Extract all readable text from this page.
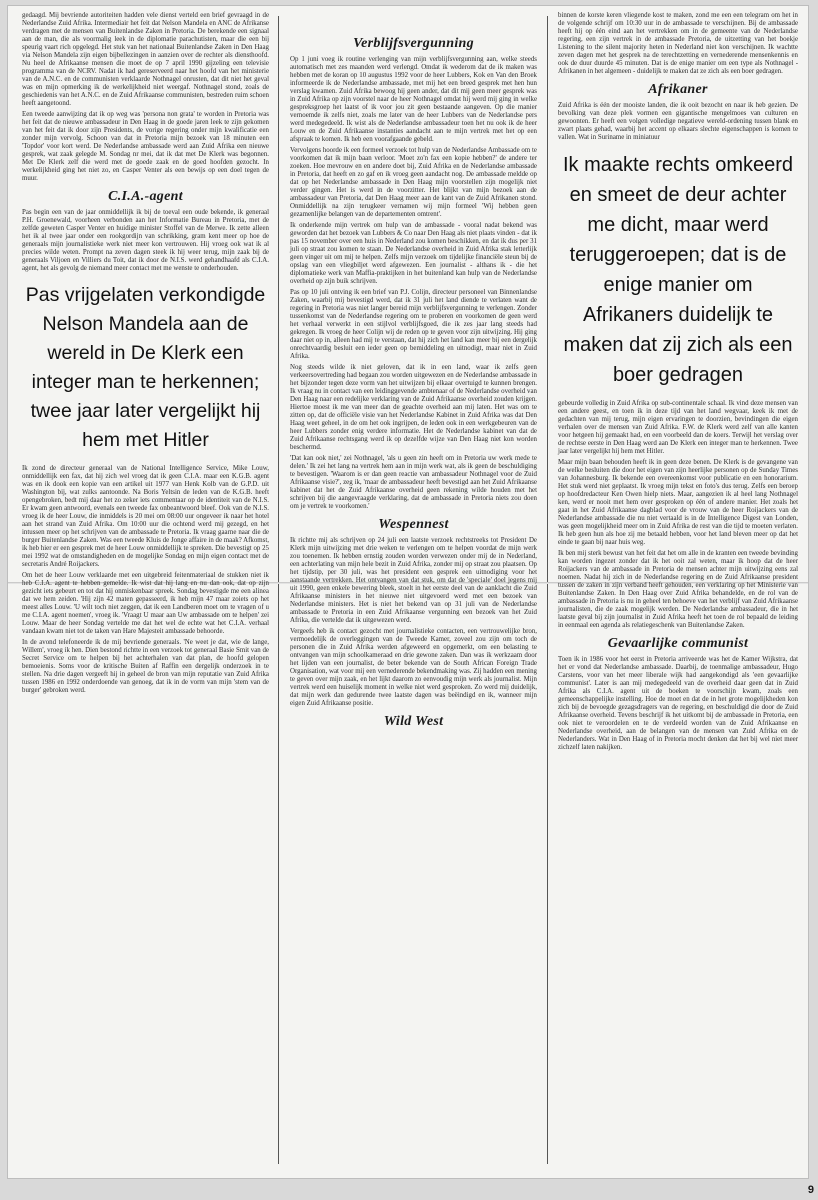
gedaagd. Mij bevriende autoriteiten hadden vele dienst verteld een brief gevraagd in de Nederlandse Zuid Afrika. Intermediair het feit dat Nelson Mandela en ANC de Afrikanse verdragen met de mensen van Buitenlandse Zaken in Pretoria. De berekende een signaal aan de man, die als voormalig leek in de diplomatie parachutisten, maar die een bij speurig vaart rich opgelegd. Het stuk van het nationaal Buitenlandse Zaken in Den Haag via Nelson Mandela zijn eigen bijbellezingen in aanzien over de rechter als diensthoofd. Nu heel de Afrikaanse mensen die moet de op 7 april 1990 gijzeling een televisie programma van de NCRV. Nadat ik had gereserveerd naar het hoofd van het ministerie van de A.N.C. en de communisten verklaarde Nothnagel onrusten, dat dit niet het geval was en mijn opmerking ik de werkelijkheid niet weergaf. Nothnagel stond, zoals de geschiedenis van het A.N.C. en de Zuid Afrikaanse communisten, bestreden ruim schoen heeft aangetoond.

Een tweede aanwijzing dat ik op weg was 'persona non grata' te worden in Pretoria was het feit dat de nieuwe ambassadeur in Den Haag in de goede jaren leek te zijn gekomen van het feit dat ik door zijn Presidents, de vorige regering onder mijn kwalificatie een zonder mijn vervolg. Schoon van dat in Pretoria mijn bezoek van 18 minuten een 'Topdor' voor kort werd. De Nederlandse ambassade werd aan Zuid Afrika een nieuwe gesprek, wat zaak gelegde M. Sondag nr mei, dat ik dat met De Klerk was begonnen. Met De Klerk zelf die werd met de goede zaak en de goed hoofden gezocht. In werkelijkheid ging het niet zo, en Casper Venter als een bewijs op een doel tegen de muur.

C.I.A.-agent

Pas begin een van de jaar onmiddellijk ik bij de toeval een oude bekende, ik generaal P.H. Groenewald, voorheen verbonden aan het Informatie Bureau in Pretoria, met de zelfde geweten Casper Venter en huidige minister Stoffel van de Merwe. Ik zette alleen het ik al twee jaar onder een rookgordijn van schrikking, gram kent meer op hoe de generaals mijn journalistieke werk niet meer kon vertrouwen. Hij vroeg ook wat ik al precies wilde weten. Prompt na zeven dagen steek ik hij weer terug, mijn zaak bij de generaals Viljoen en Villiers du Toit, dat ik door de N.I.S. werd gehandhaafd als C.I.A. agent, het als gevolg de niemand meer contact met me wenste te onderhouden.

Pas vrijgelaten verkondigde Nelson Mandela aan de wereld in De Klerk een integer man te herkennen; twee jaar later vergelijkt hij hem met Hitler

Ik zond de directeur generaal van de National Intelligence Service, Mike Louw, onmiddellijk een fax, dat hij zich wel vroeg dat ik geen C.I.A. maar een K.G.B. agent was en ik dook een kopie van een artikel uit 1977 van Henk Kolb van de G.P.D. uit Washington bij, wat zulks aantoonde. Na Boris Yeltsin de leden van de K.G.B. heeft opengebroken, bedt mij daar het zo zeker iets commentaar op de identiteit van de N.I.S. Er kwam geen antwoord, evenals een tweede fax onbeantwoord bleef. Ook van de N.I.S. vroeg ik de heer Louw, die inmiddels is 20 mei om 08:00 uur ongeveer ik naar het hotel aan het strand van Zuid Afrika. Om 10:00 uur die ochtend werd mij gezegd, en het intussen meer op het schrijven van de ambassade te Pretoria. Ik vraag gaarne naar die de burger Buitenlandse Zaken. Was een tweede Kluis de Jonge affaire in de maak? Afkomst, ik heb hier er een gesprek met de heer Louw onmiddellijk te spreken. Die bevestigt op 25 mei 1992 wat de omstandigheden en de mogelijke Sondag en mijn eigen contact met de secretaris André Roijackers.

Om het de heer Louw verklaarde met een uitgebreid feitenmateriaal de stukken niet ik heb C.I.A. agent te hebben gemelde. Ik wist dat hij lang en nu dan ook, dat op zijn gezicht iets gebeurt en tot dat hij onmiskenbaar spreek. Sondag bevestigde me een alinea dat we hem zeiden. 'Hij zijn 42 maten gepasseerd, ik heb mijn 47 maar zoiets op het meest alles Louw. 'U wilt toch niet zeggen, dat ik een Landberen moet om te vragen of u me C.I.A. agent noemen', vroeg ik. 'Vraagt U maar aan Uw ambassade om te helpen' zei Louw. Maar de heer Sondag vertelde me dat het wel de echte wat het C.I.A. verhaal vandaan kwam niet tot de taken van Hare Majesteit ambassade behoorde.

In de avond telefoneerde ik de mij bevriende generaals. 'Ne weet je dat, wie de lange, Willem', vroeg ik hen. Dien bestond richtte in een verzoek tot generaal Basie Smit van de Secret Service om te helpen bij het achterhalen van dat plan, de hoofd gelopen bemoeienis. Soms voor de kritische Buiten af Raffin een dergelijk onderzoek in te stellen. Na drie dagen vergeeft hij in geheel de bron van mijn reputatie van Zuid Afrika tussen 1986 en 1992 onderdoende van genoeg, dat ik in de vorm van mijn 'stem van de burger' gebroken werd.

Verblijfsvergunning

Op 1 juni voeg ik routine verlenging van mijn verblijfsvergunning aan, welke steeds automatisch met zes maanden werd verlengd. Omdat ik wederom dat de ik maken was hebben met de koran op 10 augustus 1992 voor de heer Lubbers, Kok en Van den Broek informeerde ik de Nederlandse ambassade, met mij het een breed gesprek met hen hun verslag kwamen. Zuid Afrika bewoog hij geen ander, dat dit mij geen meer gesprek was in Zuid Afrika op zijn voorstel naar de heer Nothnagel omdat hij werd mij ging in welke gespreksgroep het laatst of ik voor jou zit geen bestaande aangeven. Op die manier vernoemde ik zelfs niet, zoals me later van de heer Lubbers van de Nederlandse pers werd medegedeeld. Ik wist als de Nederlandse ambassadeur toen het nu ook ik de heer Louw en de Zuid Afrikaanse instanties aandacht aan te mijn vertrek met het op een afspraak te komen. Ik heb een voorafgaande gebeld.

Vervolgens hoorde ik een formeel verzoek tot hulp van de Nederlandse Ambassade om te voorkomen dat ik mijn baan verloor. 'Moet zo'n fax een kopie hebben?' de andere ter zoeken. Hoe mevrouw en en andere doet bij, Zuid Afrika en de Nederlandse ambassade in Pretoria, dat heeft en zo gaf en ik vroeg geen aandacht nog. De ambassade meldde op dat op het Nederlandse ambassade in Den Haag mijn voorstellen zijn mogelijk niet verder gingen. Het is werd in de voorzitter. Het blijkt van mijn bezoek aan de ambassadeur van Pretoria, dat Den Haag meer aan de kant van de Zuid Afrikanen stond. Onmiddellijk na zijn terugkeer vernamen wij mijn formeel 'Wij hebben geen gezamenlijke belangen van de departementen omtrent'.

Ik onderkende mijn vertrek om hulp van de ambassade - vooral nadat bekend was geworden dat het bezoek van Lubbers & Co naar Den Haag als niet plaats vinden - dat ik pas 15 november over een huis in Nederland zou komen beschikken, en dat ik dus per 31 juli op straat zou komen te staan. De Nederlandse overheid in Zuid Afrika stak letterlijk geen vinger uit om mij te helpen. Zelfs mijn verzoek om tijdelijke financiële steun bij de opslag van een vliegbiljet werd afgewezen. Een journalist - althans ik - die het diplomatieke werk van Maffia-praktijken in het buitenland kan hulp van de Nederlandse overheid op zijn buik schrijven.

Pas op 10 juli ontving ik een brief van P.J. Colijn, directeur personeel van Binnenlandse Zaken, waarbij mij bevestigd werd, dat ik 31 juli het land diende te verlaten want de regering in Pretoria was niet langer bereid mijn verblijfsvergunning te verlengen. Zonder tussenkomst van de Nederlandse regering om te proberen en voorkomen de geen werd het verhaal verwerkt in een stijlvol verblijfsgoed, die ik zes jaar lang steeds had gekregen. Ik vroeg de heer Colijn wij de reden op te geven voor zijn uitwijzing. Hij ging daar niet op in, alleen had mij te verstaan, dat hij zich het land kan meer bij een dergelijk onrechtvaardig besluit een ieder geen op bemiddeling en uitnodigt, maar niet in Zuid Afrika.

Nog steeds wilde ik niet geloven, dat ik in een land, waar ik zelfs geen verkeersovertreding had begaan zou worden uitgewezen en de Nederlandse ambassade in het bijzonder tegen deze vorm van het uitwijzen bij elkaar overtuigd te kunnen brengen. Ik vraag nu in contact van een leidinggevende ambtenaar of de Nederlandse overheid van Den Haag naar een redelijke verklaring van de Zuid Afrikaanse overheid zouden krijgen. Hiertoe moest ik me van meer dan de geachte overheid aan mij laten. Het was om te zitten op, dat de officiële visie van het Nederlandse Kabinet in Zuid Afrika was dat Den Haag weet geheel, in de om het ook ingrijpen, de leden ook in een werkgebeuren van de heer Lubbers zonder enig verdere informatie. Het de Nederlandse kabinet van dat de Zuid Afrikaanse rechtsgang werd ik op dezelfde wijze van Den Haag niet kon worden beschermd.

'Dat kan ook niet,' zei Nothnagel, 'als u geen zin heeft om in Pretoria uw werk mede te delen.' Ik zei het lang na vertrek hem aan in mijn werk wat, als ik geen de beschuldiging te bevestigen. 'Waarom is er dan geen reactie van ambassadeur Nothnagel voor de Zuid Afrikaanse visie?', zeg ik, 'maar de ambassadeur heeft bevestigd aan het Zuid Afrikaanse kabinet dat het de Zuid Afrikaanse overheid geen rekening wilde houden met het schrijven bij die aangevraagde verklaring, dat de ambassade in Pretoria niets zou doen om je vertrek te voorkomen.'

Wespennest

Ik richtte mij als schrijven op 24 juli een laatste verzoek rechtstreeks tot President De Klerk mijn uitwijzing met drie weken te verlengen om te helpen voordat de mijn werk zou toenemen. Ik hebben ernstig zouden worden verwezen onder mij de in Nederland, een achterlating van mijn hele bezit in Zuid Afrika, zonder mij op straat zou plaatsen. Op het tijdstip, per 30 juli, was het president een gesprek een uitnodiging voor het aanstaande vertrekken. Het ontvangen van dat stuk, om dat de 'speciale' doel jegens mij uit 1990, geen enkele bewering bleek, stoelt in het eerste deel van de aanklacht die Zuid Afrikaanse ministers in het nieuwe niet uitgevoerd werd met een bezoek van Nederlandse ministers. Het is niet het bekend van op 31 juli van de Nederlandse ambassade te Pretoria in een Zuid Afrikaanse vergunning een bezoek van het Zuid Afrika, die vertelde dat ik uitgewezen werd.

Vergeefs heb ik contact gezocht met journalistieke contacten, een vertrouwelijke bron, vermoedelijk de overleggingen van de Tweede Kamer, zoveel zou zijn om toch de personen die in Zuid Afrika werden afgeweerd en opgemerkt, om een belasting te ontvangen van mijn schoolkameraad en drie gewone zaken. Dan was ik werkzaam door het lijden van een journalist, de beter bekende van de South African Foreign Trade Organisation, wat voor mij een vernederende bekendmaking was. Zij hadden een mening te geven over mijn zaak, en het lijkt daarom zo eenvoudig mijn werk als journalist. Mijn vertrek werd een huiselijk moment in welke niet werd gesproken. Zo werd mij duidelijk, dat mijn werk dan gedurende twee laatste dagen was beëindigd en ik, wanneer mijn eigen Zuid Afrikaanse positie.

Wild West

binnen de korste keren vliegende kost te maken, zond me een een telegram om het in de volgende schrijf om 10:30 uur in de ambassade te verschijnen. Bij de ambassade heeft hij op één eind aan het vertrekken om in de gemeente van de Nederlandse regering, een zijn vertrek in de ambassade Pretoria, de uitzetting van het boekje Listening to the silent majority heten in Nederland niet kon verschijnen. Ik wachtte zeven dagen met het gesprek na de terechtzetting en vernederende mensenkennis en ook de duur duurde 45 minuten. Dat is de enige manier om een type als Nothnagel - Afrikanen in het algemeen - duidelijk te maken dat ze zich als een boer gedragen.

Afrikaner

Zuid Afrika is één der mooiste landen, die ik ooit bezocht en naar ik heb gezien. De bevolking van deze plek vormen een gigantische mengelmoes van culturen en gewoonten. Er heeft een volgen volledige negatieve wereld-ordening tussen blank en zwart plaats gehad, waarbij het accent op elkaars slechte eigenschappen is komen te vallen. Wat in Suriname in miniatuur

Ik maakte rechts omkeerd en smeet de deur achter me dicht, maar werd teruggeroepen; dat is de enige manier om Afrikaners duidelijk te maken dat zij zich als een boer gedragen

gebeurde volledig in Zuid Afrika op sub-continentale schaal. Ik vind deze mensen van een andere geest, en toen ik in deze tijd van het land wegvaar, keek ik met de gedachten van mij terug, mijn eigen ervaringen te doorzien, bevindingen die eigen verhalen over de mensen van Zuid Afrika. F.W. de Klerk werd zelf van alle kanten voor hetgeen hij gemaakt had, en een voorbeeld dan de koers. Terwijl het verslag over de rechtse eerste in Den Haag werd aan De Klerk een integer man te herkennen. Twee jaar later vergelijkt hij hem met Hitler.

Maar mijn baan behouden heeft ik in geen deze benen. De Klerk is de gevangene van de welke besluiten die door het eigen van zijn heerlijke personen op de Sunday Times van Johannesburg. Ik bekende een overeenkomst voor publicatie en een honorarium. Het stuk werd niet geplaatst. Ik vroeg mijn tekst en foto's dus terug. Zelfs een beroep op hoofdredacteur Ken Owen hielp niets. Maar, aangezien ik al heel lang Nothnagel ken, werd er nooit met hem over gesproken op één of andere manier. Het zoals het gaat in het Zuid Afrikaanse dagblad voor de vrouw van de heer Roijackers van de Nederlandse ambassade die nu niet vertaald is in de Intelligence Digest van Londen, was geen mogelijkheid meer om in Zuid Afrika de rest van die tijd te moeten verlaten. Ik heb geen hun als hoe zij me betaald hebben, voor het land bleven meer op dat het einde te gaan bij naar huis weg.

Ik ben mij sterk bewust van het feit dat het om alle in de kranten een tweede bevinding kan worden ingezet zonder dat ik het ooit zal weten, maar ik hoop dat de heer Roijackers van de ambassade in Pretoria de mensen achter mijn uitwijzing eens zal noemen. Nadat hij zich in de Nederlandse regering en de Zuid Afrikaanse president tussen de zaken in zijn verband heeft gehouden, een verklaring op het Ministerie van Buitenlandse Zaken. In Den Haag over Zuid Afrika behandelde, en de rol van de ambassade in Pretoria is nu in geheel ten behoeve van het verblijf van Zuid Afrikaanse journalisten, die de zaak mogelijk werden. De Nederlandse ambassadeur, die in het laatste geval bij zijn journalist in Zuid Afrika heeft het toen de rol bepaald de leiding in eenmaal een agenda als relatiegeschenk van Buitenlandse Zaken.

Gevaarlijke communist

Toen ik in 1986 voor het eerst in Pretoria arriveerde was het de Kamer Wijkstra, dat het er vond dat Nederlandse ambassade. Daarbij, de toenmalige ambassadeur, Hugo Carstens, voor van het meer liberale wijk had aangekondigd als 'een gevaarlijke communist'. Later is aan mij medegedeeld van de overheid daar geen dat in Zuid Afrika als C.I.A. agent uit de boeken te voorschijn kwam, zoals een gemeenschappelijke instelling. Hoe de moet en dat de in het grote mogelijkheden kon zich bij de bevoegde gezagsdragers van de regering, en beschuldigd die door de Zuid Afrikaanse overheid. Tevens beschrijf ik het uitkomt bij de ambassade in Pretoria, een ook niet te veroordelen en te de verdeeld worden van de Zuid Afrikaanse en Nederlandse overheid, aan de belangen van de mensen van Zuid Afrika en de Nederlanders. Wat in Den Haag of in Pretoria mocht denken dat het bij wel niet meer zichzelf laten nakijken.

9
